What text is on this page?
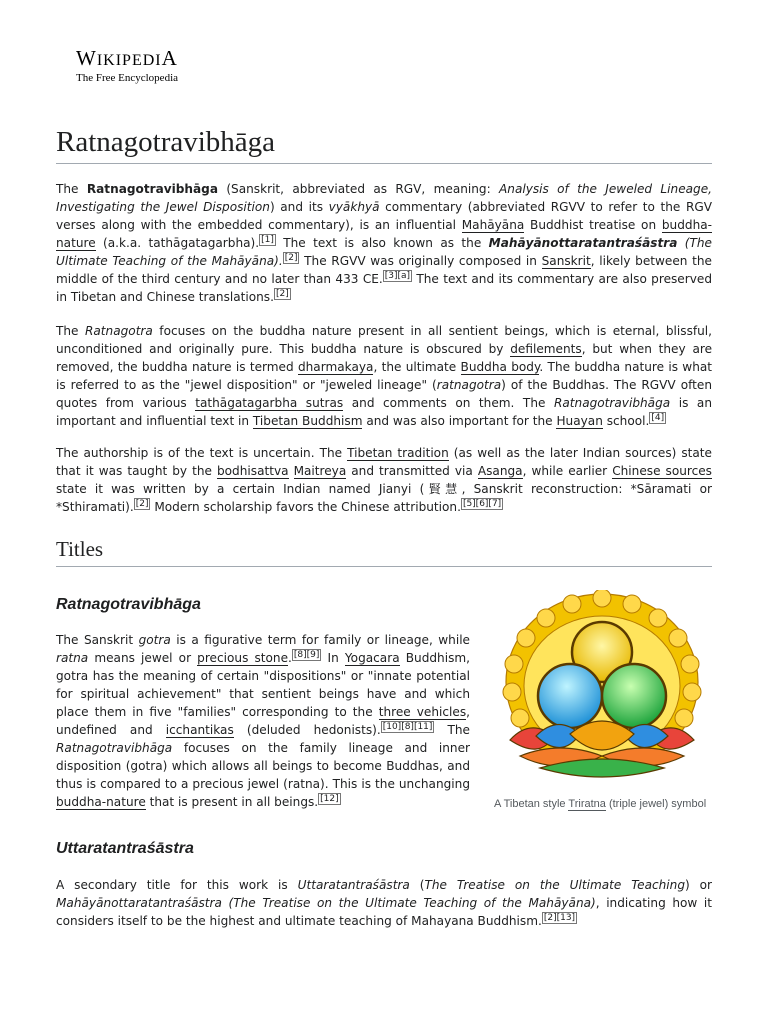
WIKIPEDIA
The Free Encyclopedia
Ratnagotravibhāga

The Ratnagotravibhāga (Sanskrit, abbreviated as RGV, meaning: Analysis of the Jeweled Lineage, Investigating the Jewel Disposition) and its vyākhyā commentary (abbreviated RGVV to refer to the RGV verses along with the embedded commentary), is an influential Mahāyāna Buddhist treatise on buddha-nature (a.k.a. tathāgatagarbha). [1] The text is also known as the Mahāyānottaratantraśāstra (The Ultimate Teaching of the Mahāyāna). [2] The RGVV was originally composed in Sanskrit, likely between the middle of the third century and no later than 433 CE. [3][a] The text and its commentary are also preserved in Tibetan and Chinese translations. [2]

The Ratnagotra focuses on the buddha nature present in all sentient beings, which is eternal, blissful, unconditioned and originally pure. This buddha nature is obscured by defilements, but when they are removed, the buddha nature is termed dharmakaya, the ultimate Buddha body. The buddha nature is what is referred to as the "jewel disposition" or "jeweled lineage" (ratnagotra) of the Buddhas. The RGVV often quotes from various tathāgatagarbha sutras and comments on them. The Ratnagotravibhāga is an important and influential text in Tibetan Buddhism and was also important for the Huayan school. [4]

The authorship is of the text is uncertain. The Tibetan tradition (as well as the later Indian sources) state that it was taught by the bodhisattva Maitreya and transmitted via Asanga, while earlier Chinese sources state it was written by a certain Indian named Jianyi (賢慧, Sanskrit reconstruction: *Sāramati or *Sthiramati). [2] Modern scholarship favors the Chinese attribution. [5][6][7]

Titles
Ratnagotravibhāga

The Sanskrit gotra is a figurative term for family or lineage, while ratna means jewel or precious stone. [8][9] In Yogacara Buddhism, gotra has the meaning of certain "dispositions" or "innate potential for spiritual achievement" that sentient beings have and which place them in five "families" corresponding to the three vehicles, undefined and icchantikas (deluded hedonists). [10][8][11] The Ratnagotravibhāga focuses on the family lineage and inner disposition (gotra) which allows all beings to become Buddhas, and thus is compared to a precious jewel (ratna). This is the unchanging buddha-nature that is present in all beings. [12]	A Tibetan style Triratna (triple jewel) symbol
Uttaratantraśāstra

A secondary title for this work is Uttaratantraśāstra (The Treatise on the Ultimate Teaching) or Mahāyānottaratantraśāstra (The Treatise on the Ultimate Teaching of the Mahāyāna), indicating how it considers itself to be the highest and ultimate teaching of Mahayana Buddhism. [2][13]
